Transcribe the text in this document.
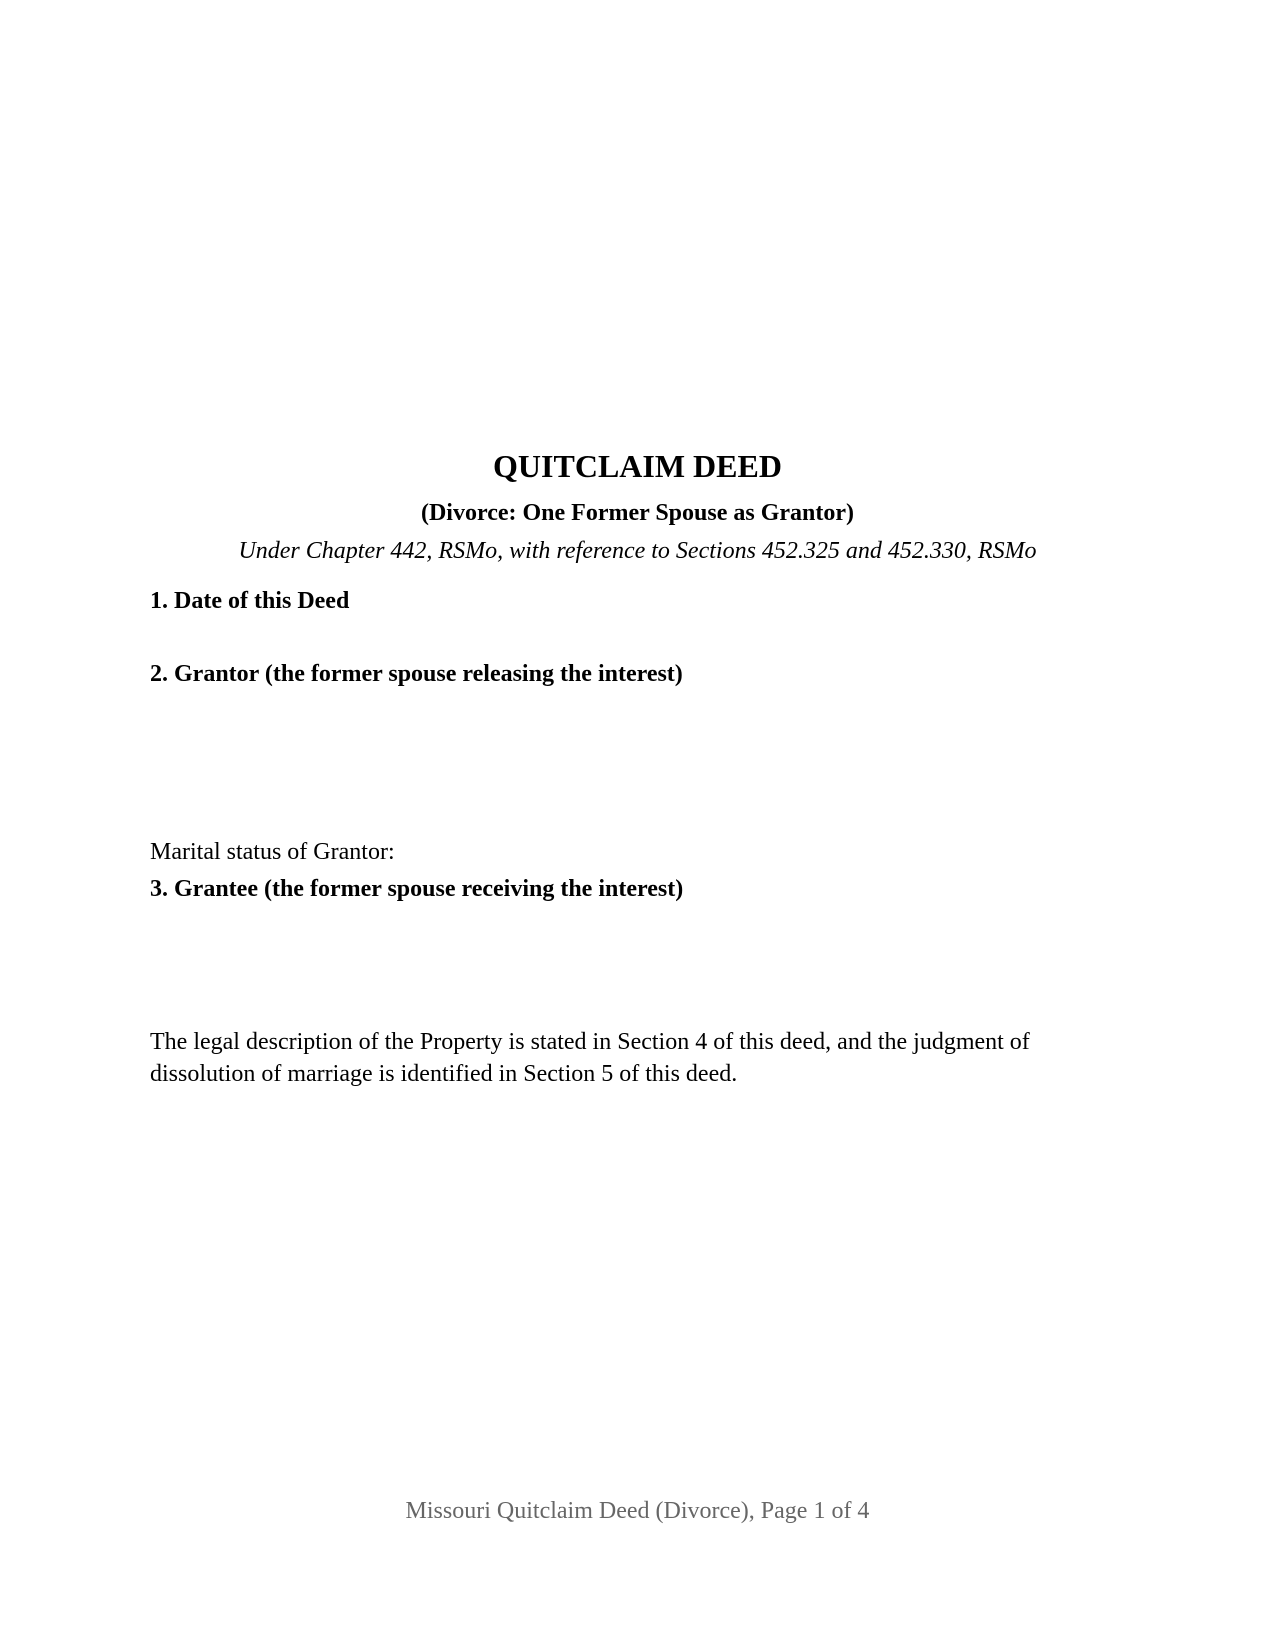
QUITCLAIM DEED
(Divorce: One Former Spouse as Grantor)
Under Chapter 442, RSMo, with reference to Sections 452.325 and 452.330, RSMo
1. Date of this Deed
2. Grantor (the former spouse releasing the interest)
Marital status of Grantor:
3. Grantee (the former spouse receiving the interest)
The legal description of the Property is stated in Section 4 of this deed, and the judgment of dissolution of marriage is identified in Section 5 of this deed.
Missouri Quitclaim Deed (Divorce), Page 1 of 4
